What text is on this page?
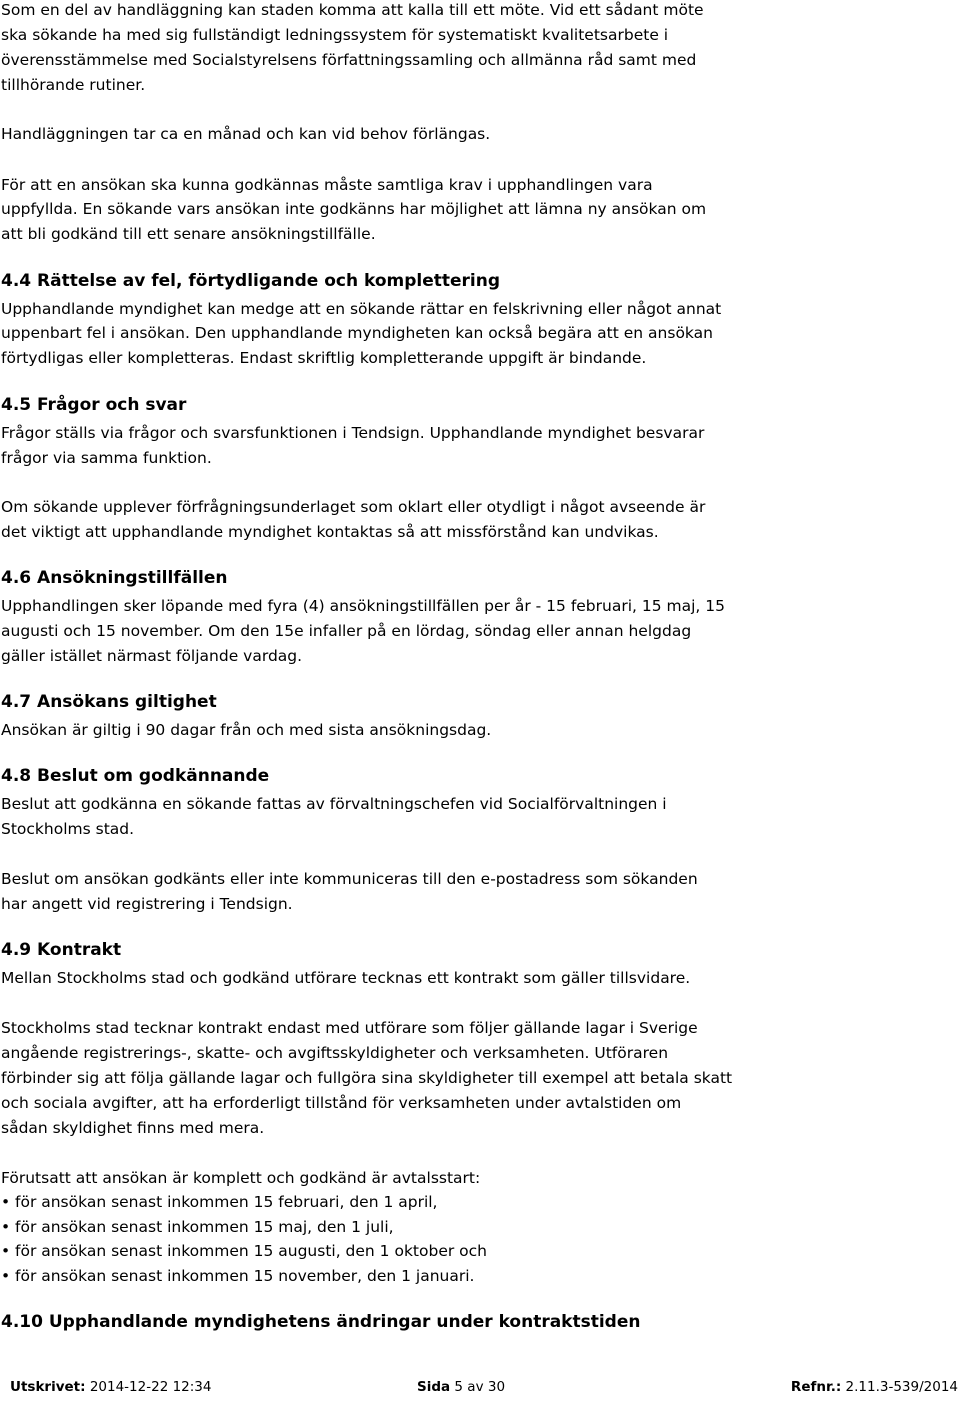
Som en del av handläggning kan staden komma att kalla till ett möte. Vid ett sådant möte
ska sökande ha med sig fullständigt ledningssystem för systematiskt kvalitetsarbete i
överensstämmelse med Socialstyrelsens författningssamling och allmänna råd samt med
tillhörande rutiner.
Handläggningen tar ca en månad och kan vid behov förlängas.
För att en ansökan ska kunna godkännas måste samtliga krav i upphandlingen vara
uppfyllda. En sökande vars ansökan inte godkänns har möjlighet att lämna ny ansökan om
att bli godkänd till ett senare ansökningstillfälle.
4.4 Rättelse av fel, förtydligande och komplettering
Upphandlande myndighet kan medge att en sökande rättar en felskrivning eller något annat
uppenbart fel i ansökan. Den upphandlande myndigheten kan också begära att en ansökan
förtydligas eller kompletteras. Endast skriftlig kompletterande uppgift är bindande.
4.5 Frågor och svar
Frågor ställs via frågor och svarsfunktionen i Tendsign. Upphandlande myndighet besvarar
frågor via samma funktion.
Om sökande upplever förfrågningsunderlaget som oklart eller otydligt i något avseende är
det viktigt att upphandlande myndighet kontaktas så att missförstånd kan undvikas.
4.6 Ansökningstillfällen
Upphandlingen sker löpande med fyra (4) ansökningstillfällen per år - 15 februari, 15 maj, 15
augusti och 15 november. Om den 15e infaller på en lördag, söndag eller annan helgdag
gäller istället närmast följande vardag.
4.7 Ansökans giltighet
Ansökan är giltig i 90 dagar från och med sista ansökningsdag.
4.8 Beslut om godkännande
Beslut att godkänna en sökande fattas av förvaltningschefen vid Socialförvaltningen i
Stockholms stad.
Beslut om ansökan godkänts eller inte kommuniceras till den e-postadress som sökanden
har angett vid registrering i Tendsign.
4.9 Kontrakt
Mellan Stockholms stad och godkänd utförare tecknas ett kontrakt som gäller tillsvidare.
Stockholms stad tecknar kontrakt endast med utförare som följer gällande lagar i Sverige
angående registrerings-, skatte- och avgiftsskyldigheter och verksamheten. Utföraren
förbinder sig att följa gällande lagar och fullgöra sina skyldigheter till exempel att betala skatt
och sociala avgifter, att ha erforderligt tillstånd för verksamheten under avtalstiden om
sådan skyldighet finns med mera.
Förutsatt att ansökan är komplett och godkänd är avtalsstart:
• för ansökan senast inkommen 15 februari, den 1 april,
• för ansökan senast inkommen 15 maj, den 1 juli,
• för ansökan senast inkommen 15 augusti, den 1 oktober och
• för ansökan senast inkommen 15 november, den 1 januari.
4.10 Upphandlande myndighetens ändringar under kontraktstiden
Utskrivet: 2014-12-22 12:34	Sida 5 av 30	Refnr.: 2.11.3-539/2014
